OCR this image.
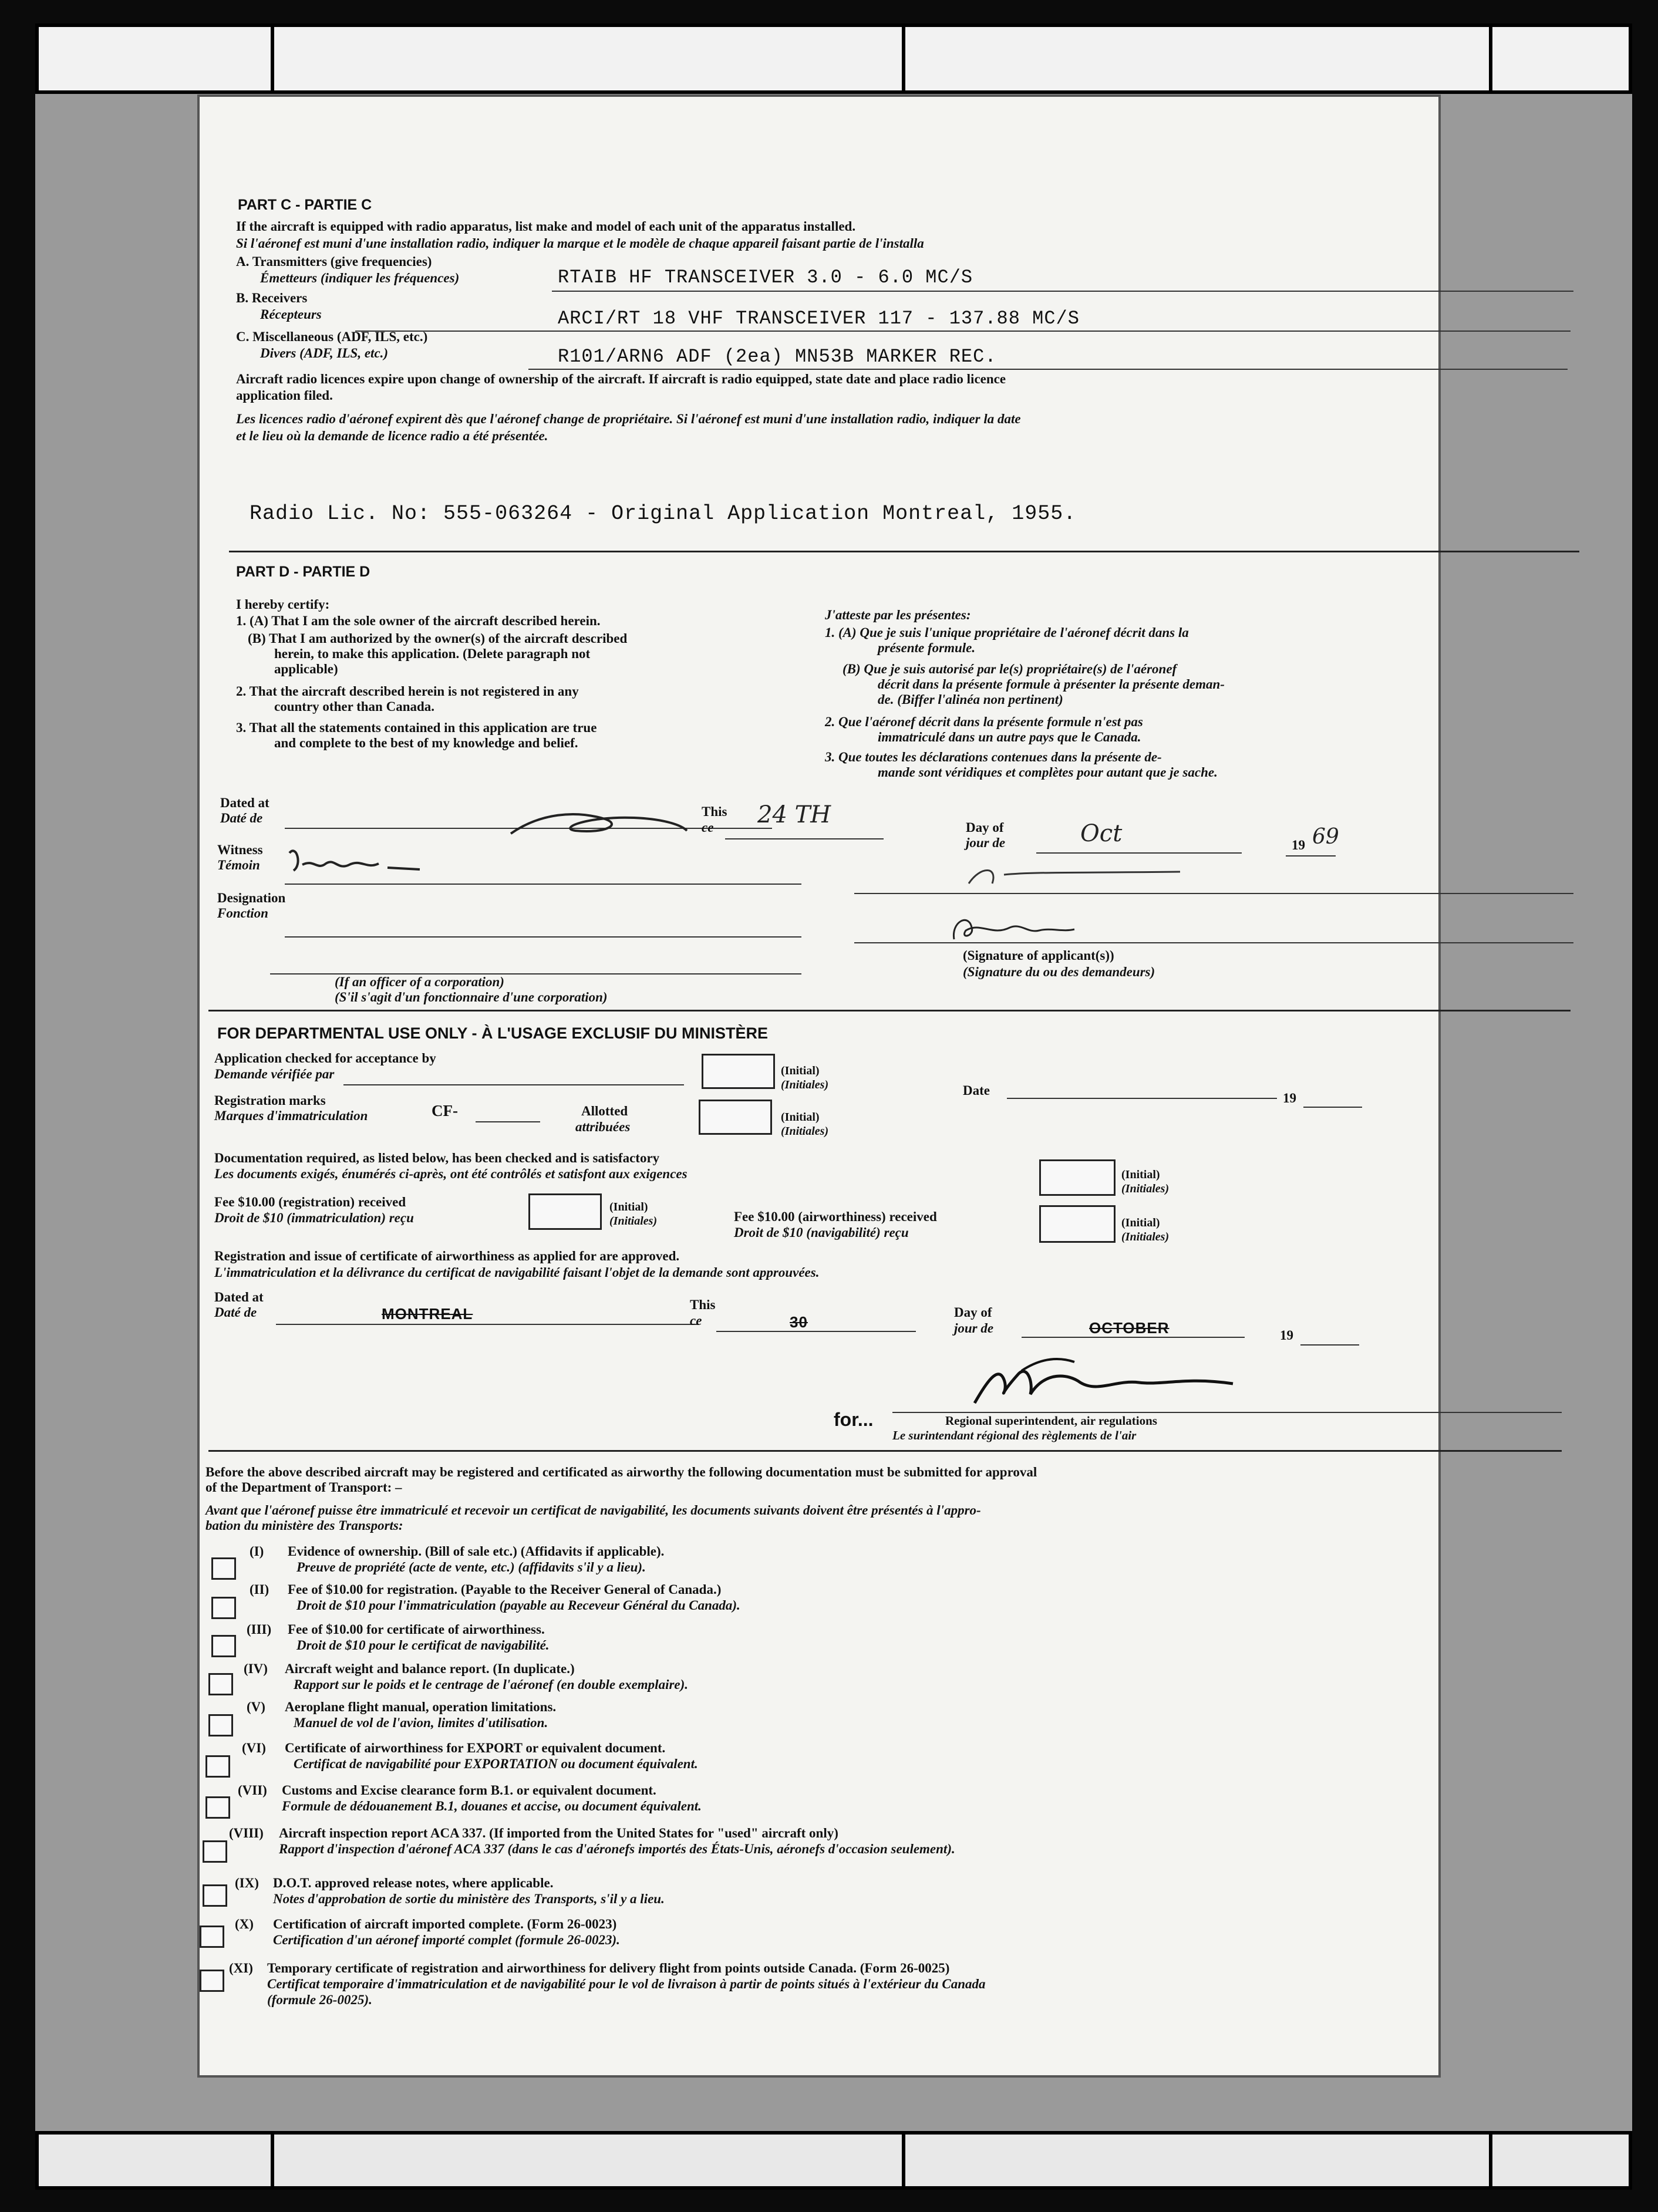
PART C - PARTIE C
If the aircraft is equipped with radio apparatus, list make and model of each unit of the apparatus installed.
Si l'aéronef est muni d'une installation radio, indiquer la marque et le modèle de chaque appareil faisant partie de l'installa
A. Transmitters (give frequencies)
Émetteurs (indiquer les fréquences)	RTAIB HF TRANSCEIVER 3.0 - 6.0 MC/S
B. Receivers
Récepteurs	ARCI/RT 18 VHF TRANSCEIVER 117 - 137.88 MC/S
C. Miscellaneous (ADF, ILS, etc.)
Divers (ADF, ILS, etc.)	R101/ARN6 ADF (2ea) MN53B MARKER REC.
Aircraft radio licences expire upon change of ownership of the aircraft. If aircraft is radio equipped, state date and place radio licence
application filed.
Les licences radio d'aéronef expirent dès que l'aéronef change de propriétaire. Si l'aéronef est muni d'une installation radio, indiquer la date
et le lieu où la demande de licence radio a été présentée.
Radio Lic. No: 555-063264 - Original Application Montreal, 1955.
PART D - PARTIE D
I hereby certify:
1. (A) That I am the sole owner of the aircraft described herein.
(B) That I am authorized by the owner(s) of the aircraft described
herein, to make this application. (Delete paragraph not
applicable)
2. That the aircraft described herein is not registered in any
country other than Canada.
3. That all the statements contained in this application are true
and complete to the best of my knowledge and belief.
J'atteste par les présentes:
1. (A) Que je suis l'unique propriétaire de l'aéronef décrit dans la
présente formule.
(B) Que je suis autorisé par le(s) propriétaire(s) de l'aéronef
décrit dans la présente formule à présenter la présente deman-
de. (Biffer l'alinéa non pertinent)
2. Que l'aéronef décrit dans la présente formule n'est pas
immatriculé dans un autre pays que le Canada.
3. Que toutes les déclarations contenues dans la présente de-
mande sont véridiques et complètes pour autant que je sache.
Dated at
Daté de	This
ce 24 TH	Day of
jour de	Oct	19 69
Witness
Témoin
Designation
Fonction
(If an officer of a corporation)
(S'il s'agit d'un fonctionnaire d'une corporation)
(Signature of applicant(s))
(Signature du ou des demandeurs)
FOR DEPARTMENTAL USE ONLY - À L'USAGE EXCLUSIF DU MINISTÈRE
Application checked for acceptance by
Demande vérifiée par	(Initial)
(Initiales)	Date
19
Registration marks
Marques d'immatriculation	CF-	Allotted
attribuées
(Initial)
(Initiales)
Documentation required, as listed below, has been checked and is satisfactory
Les documents exigés, énumérés ci-après, ont été contrôlés et satisfont aux exigences	(Initial)
(Initiales)
Fee $10.00 (registration) received
Droit de $10 (immatriculation) reçu
(Initial)
(Initiales)	Fee $10.00 (airworthiness) received
Droit de $10 (navigabilité) reçu
(Initial)
(Initiales)
Registration and issue of certificate of airworthiness as applied for are approved.
L'immatriculation et la délivrance du certificat de navigabilité faisant l'objet de la demande sont approuvées.
Dated at
Daté de	MONTREAL
This
ce	30
Day of
jour de	OCTOBER	19
for...	Regional superintendent, air regulations
Le surintendant régional des règlements de l'air
Before the above described aircraft may be registered and certificated as airworthy the following documentation must be submitted for approval
of the Department of Transport: –
Avant que l'aéronef puisse être immatriculé et recevoir un certificat de navigabilité, les documents suivants doivent être présentés à l'appro-
bation du ministère des Transports:
(I) Evidence of ownership. (Bill of sale etc.) (Affidavits if applicable).
Preuve de propriété (acte de vente, etc.) (affidavits s'il y a lieu).
(II) Fee of $10.00 for registration. (Payable to the Receiver General of Canada.)
Droit de $10 pour l'immatriculation (payable au Receveur Général du Canada).
(III) Fee of $10.00 for certificate of airworthiness.
Droit de $10 pour le certificat de navigabilité.
(IV) Aircraft weight and balance report. (In duplicate.)
Rapport sur le poids et le centrage de l'aéronef (en double exemplaire).
(V) Aeroplane flight manual, operation limitations.
Manuel de vol de l'avion, limites d'utilisation.
(VI) Certificate of airworthiness for EXPORT or equivalent document.
Certificat de navigabilité pour EXPORTATION ou document équivalent.
(VII) Customs and Excise clearance form B.1. or equivalent document.
Formule de dédouanement B.1, douanes et accise, ou document équivalent.
(VIII) Aircraft inspection report ACA 337. (If imported from the United States for "used" aircraft only)
Rapport d'inspection d'aéronef ACA 337 (dans le cas d'aéronefs importés des États-Unis, aéronefs d'occasion seulement).
(IX) D.O.T. approved release notes, where applicable.
Notes d'approbation de sortie du ministère des Transports, s'il y a lieu.
(X) Certification of aircraft imported complete. (Form 26-0023)
Certification d'un aéronef importé complet (formule 26-0023).
(XI) Temporary certificate of registration and airworthiness for delivery flight from points outside Canada. (Form 26-0025)
Certificat temporaire d'immatriculation et de navigabilité pour le vol de livraison à partir de points situés à l'extérieur du Canada
(formule 26-0025).
